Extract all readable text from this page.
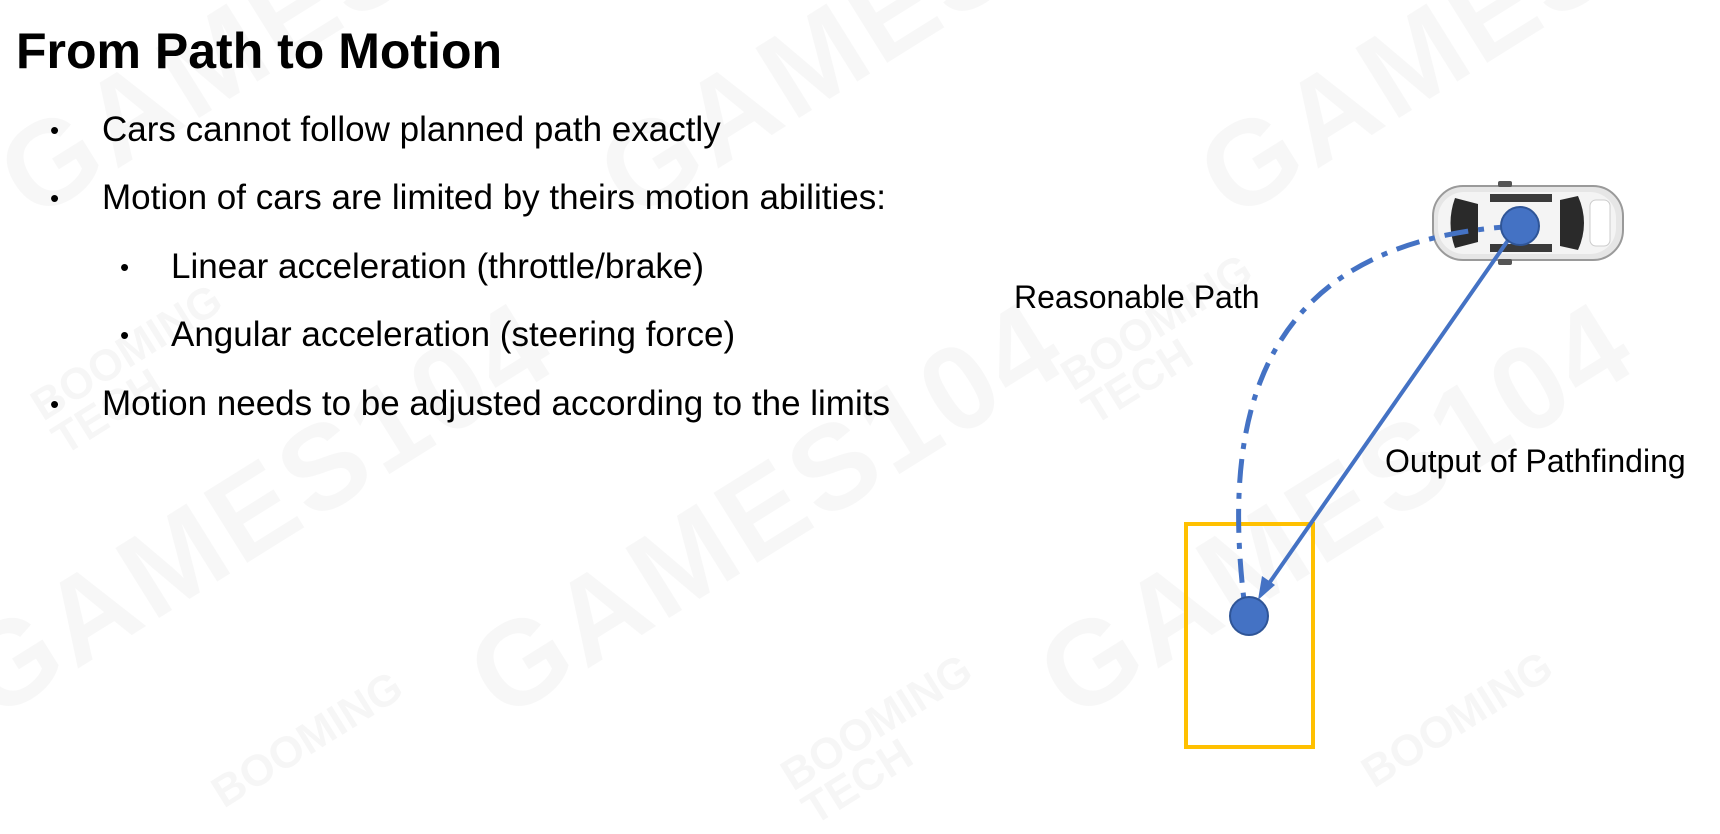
From Path to Motion
• Cars cannot follow planned path exactly
• Motion of cars are limited by theirs motion abilities:
• Linear acceleration (throttle/brake)
• Angular acceleration (steering force)
• Motion needs to be adjusted according to the limits
Reasonable Path
Output of Pathfinding
